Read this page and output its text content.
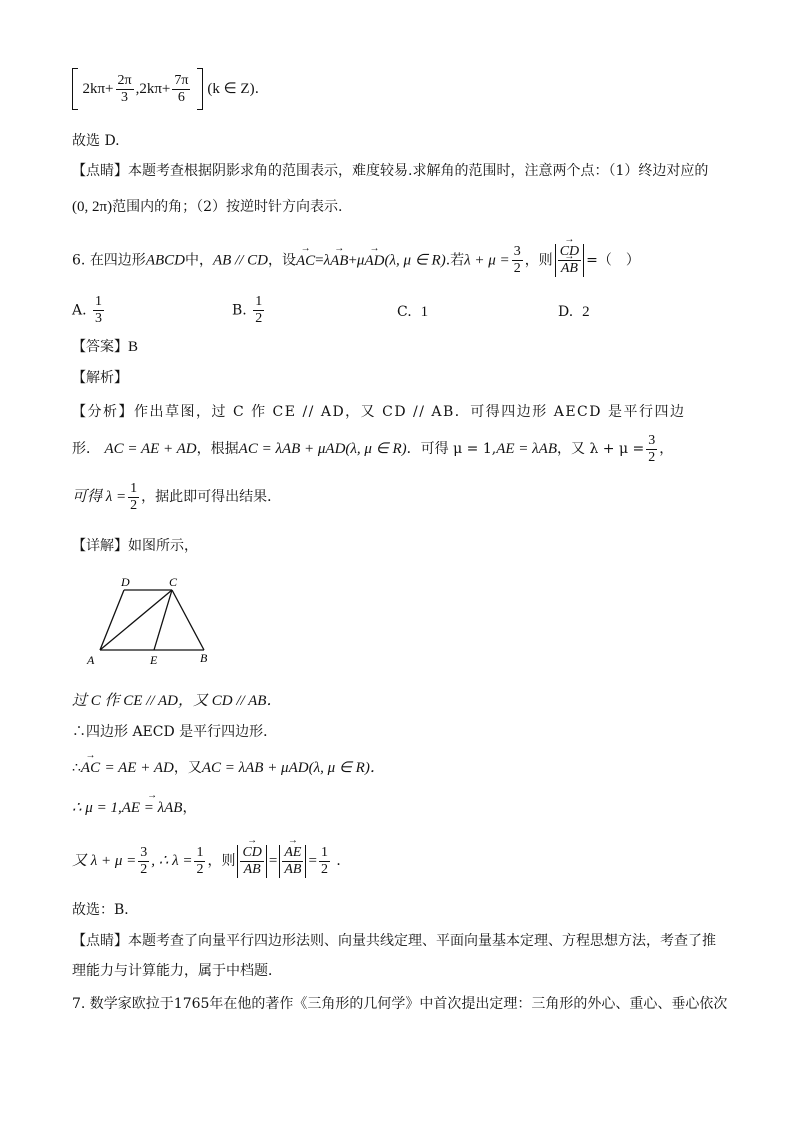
$2k\pi+ \frac{2\pi}{3} ,2k\pi+ \frac{7\pi}{6} (k$ ∈ Z).
故选 D.
【点睛】本题考查根据阴影求角的范围表示，难度较易.求解角的范围时，注意两个点：（1）终边对应的
(0, 2π)范围内的角；（2）按逆时针方向表示.
6. 在四边形ABCD中，AB // CD，设→ AC=λ→ AB+μ→ AD(λ, μ ∈ R).若$\lambda + \mu = \frac{3}{2}$ ，则 → CD
→ AB =（　）
A. $\frac{1}{3}$	B. $\frac{1}{2}$	C. 1	D. 2
【答案】B
【解析】
【分析】作出草图，过 C 作 CE // AD，又 CD // AB．可得四边形 AECD 是平行四边
形． AC = AE + AD，根据AC = λAB + μAD(λ, μ ∈ R)．可得 μ = 1,AE = λAB，又 $\lambda + \mu = \frac{3}{2}$ ，
可得 $\lambda = \frac{1}{2}$ ，据此即可得出结果．
【详解】如图所示，
D	C
A	E	B
过 C 作 CE // AD，又 CD // AB．
∴四边形 AECD 是平行四边形．
∴→ AC = AE + AD，又AC = λAB + μAD(λ, μ ∈ R)．
∴ μ = 1,→ AE = λAB，
又 $\lambda + \mu = \frac{3}{2}$ , ∴ $\lambda = \frac{1}{2}$ ，则 → $\frac{CD}{AB}$ = → $\frac{AE}{AB} = \frac{1}{2}$ ．
故选：B．
【点睛】本题考查了向量平行四边形法则、向量共线定理、平面向量基本定理、方程思想方法，考查了推
理能力与计算能力，属于中档题．
7. 数学家欧拉于1765年在他的著作《三角形的几何学》中首次提出定理：三角形的外心、重心、垂心依次
